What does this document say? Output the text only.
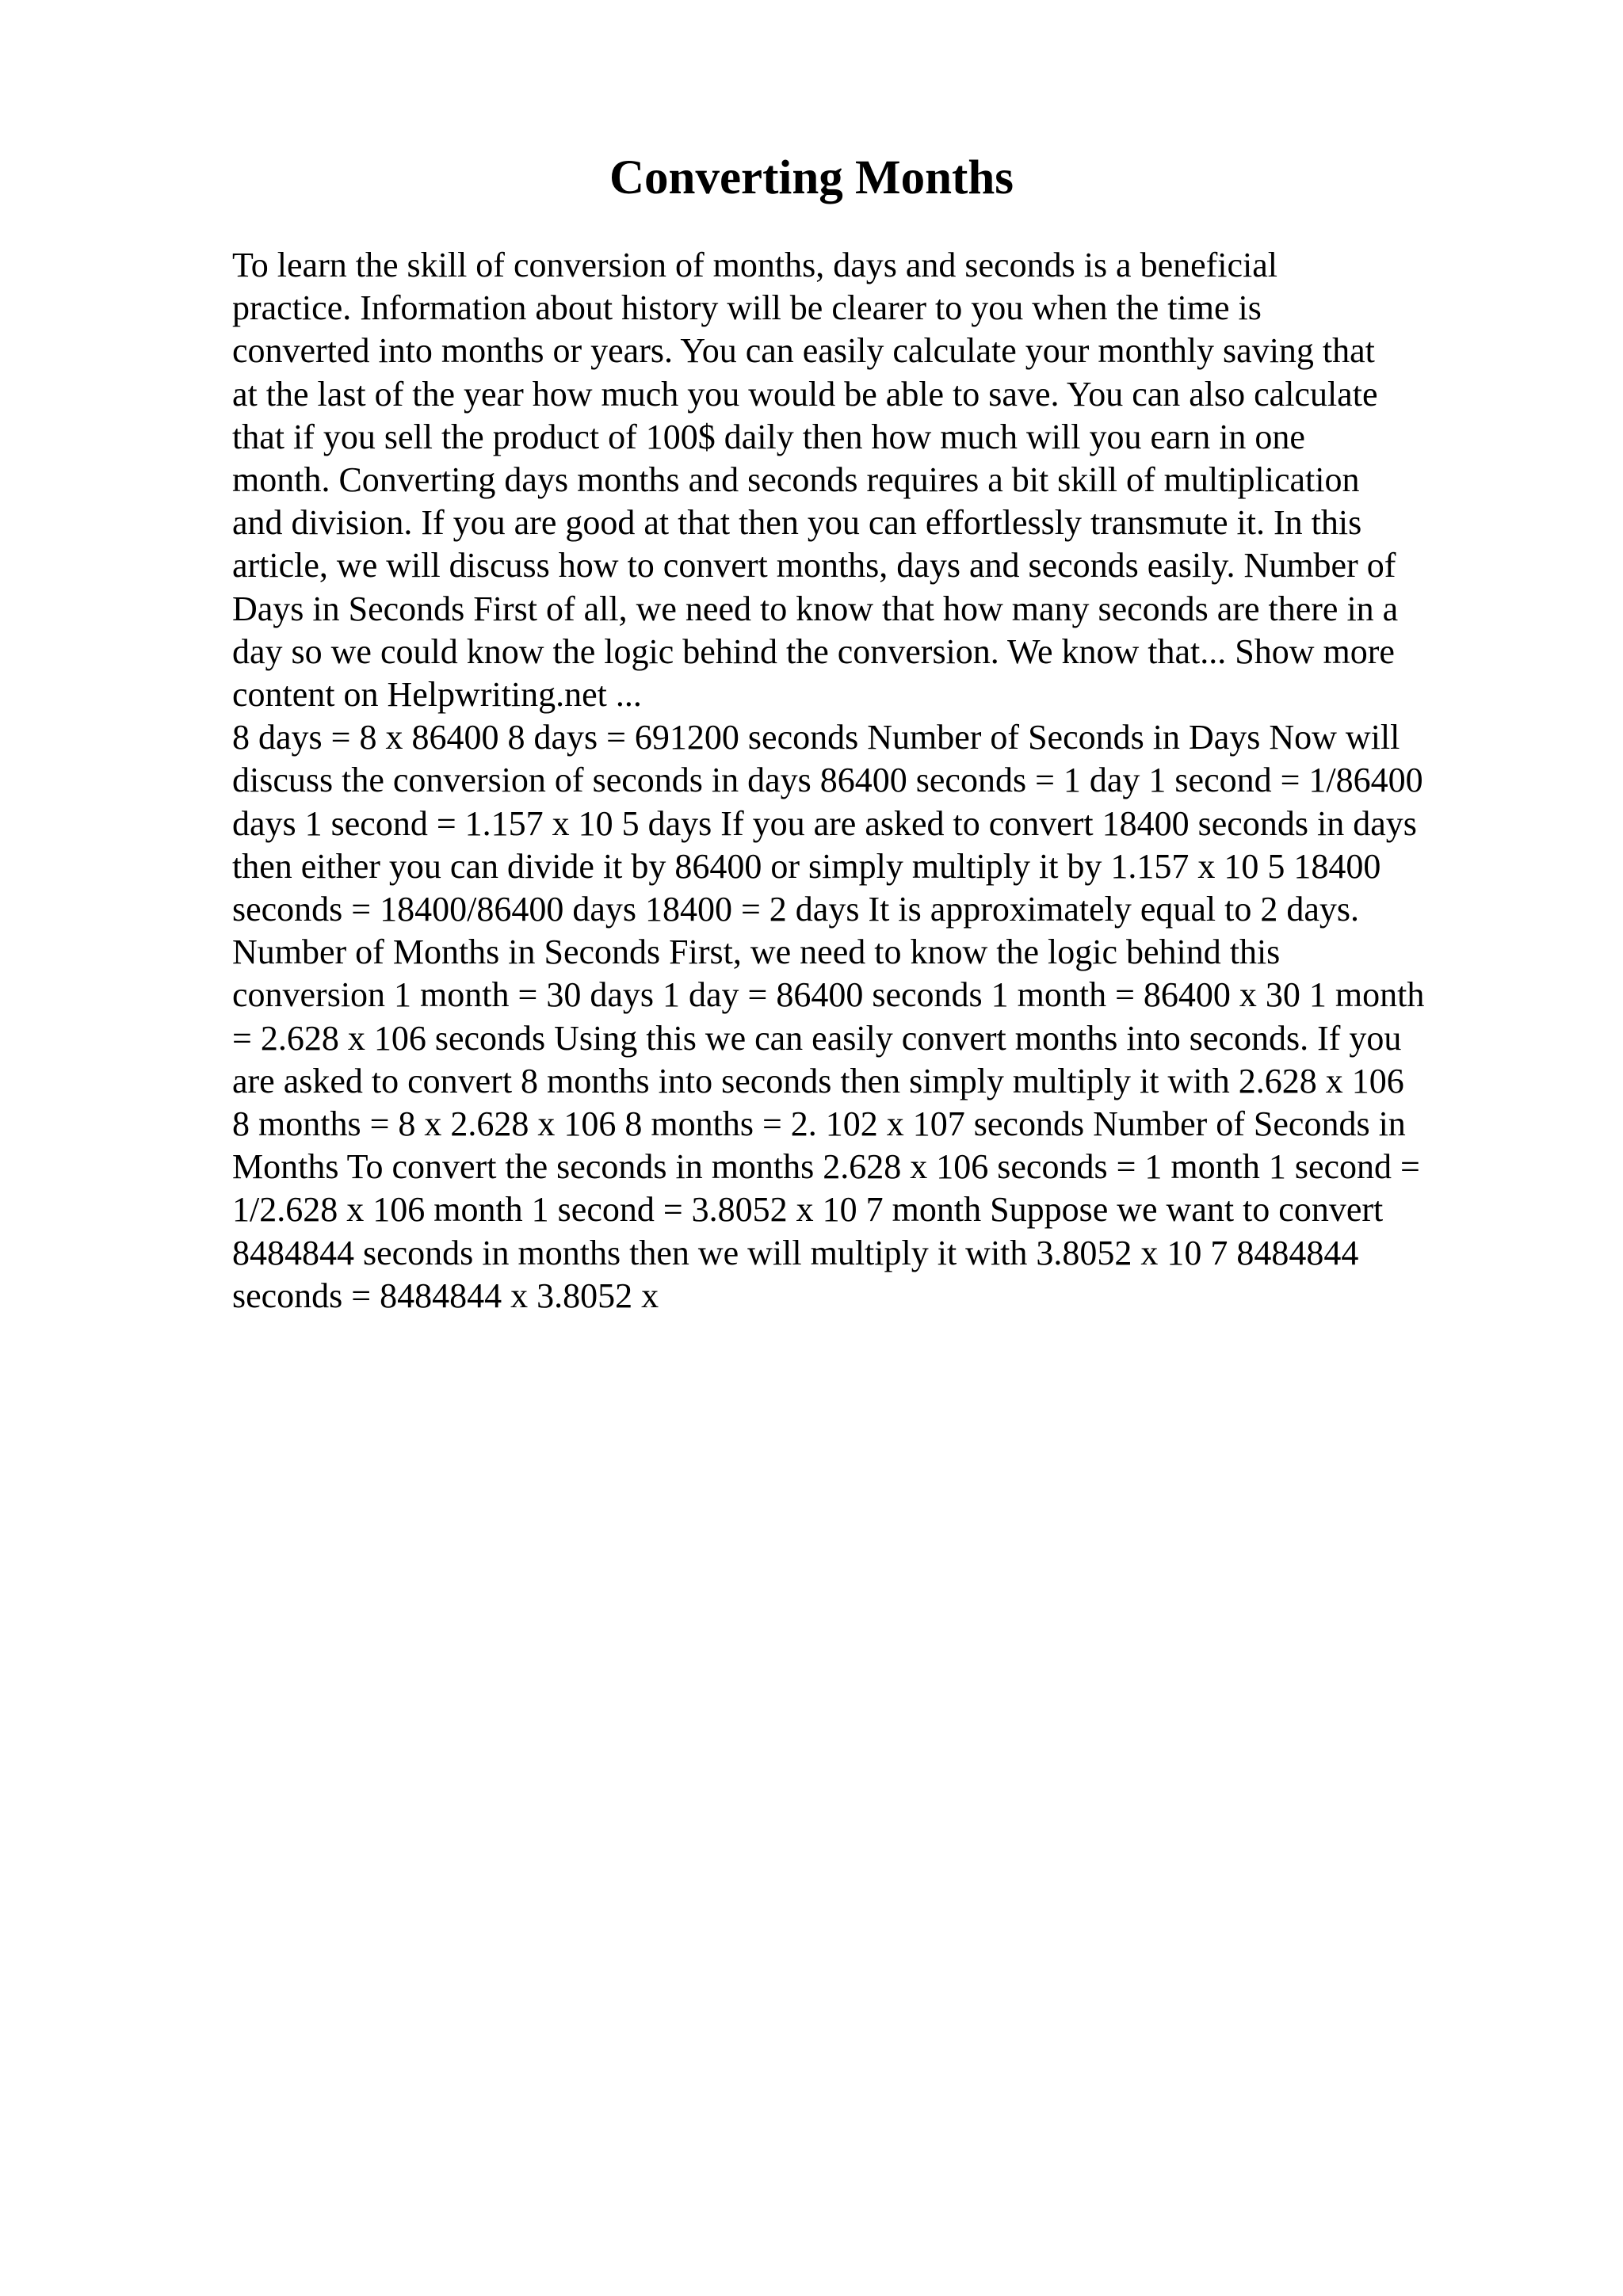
Converting Months
To learn the skill of conversion of months, days and seconds is a beneficial
practice. Information about history will be clearer to you when the time is
converted into months or years. You can easily calculate your monthly saving that
at the last of the year how much you would be able to save. You can also calculate
that if you sell the product of 100$ daily then how much will you earn in one
month. Converting days months and seconds requires a bit skill of multiplication
and division. If you are good at that then you can effortlessly transmute it. In this
article, we will discuss how to convert months, days and seconds easily. Number of
Days in Seconds First of all, we need to know that how many seconds are there in a
day so we could know the logic behind the conversion. We know that... Show more
content on Helpwriting.net ...
8 days = 8 x 86400 8 days = 691200 seconds Number of Seconds in Days Now will
discuss the conversion of seconds in days 86400 seconds = 1 day 1 second = 1/86400
days 1 second = 1.157 x 10 5 days If you are asked to convert 18400 seconds in days
then either you can divide it by 86400 or simply multiply it by 1.157 x 10 5 18400
seconds = 18400/86400 days 18400 = 2 days It is approximately equal to 2 days.
Number of Months in Seconds First, we need to know the logic behind this
conversion 1 month = 30 days 1 day = 86400 seconds 1 month = 86400 x 30 1 month
= 2.628 x 106 seconds Using this we can easily convert months into seconds. If you
are asked to convert 8 months into seconds then simply multiply it with 2.628 x 106
8 months = 8 x 2.628 x 106 8 months = 2. 102 x 107 seconds Number of Seconds in
Months To convert the seconds in months 2.628 x 106 seconds = 1 month 1 second =
1/2.628 x 106 month 1 second = 3.8052 x 10 7 month Suppose we want to convert
8484844 seconds in months then we will multiply it with 3.8052 x 10 7 8484844
seconds = 8484844 x 3.8052 x
